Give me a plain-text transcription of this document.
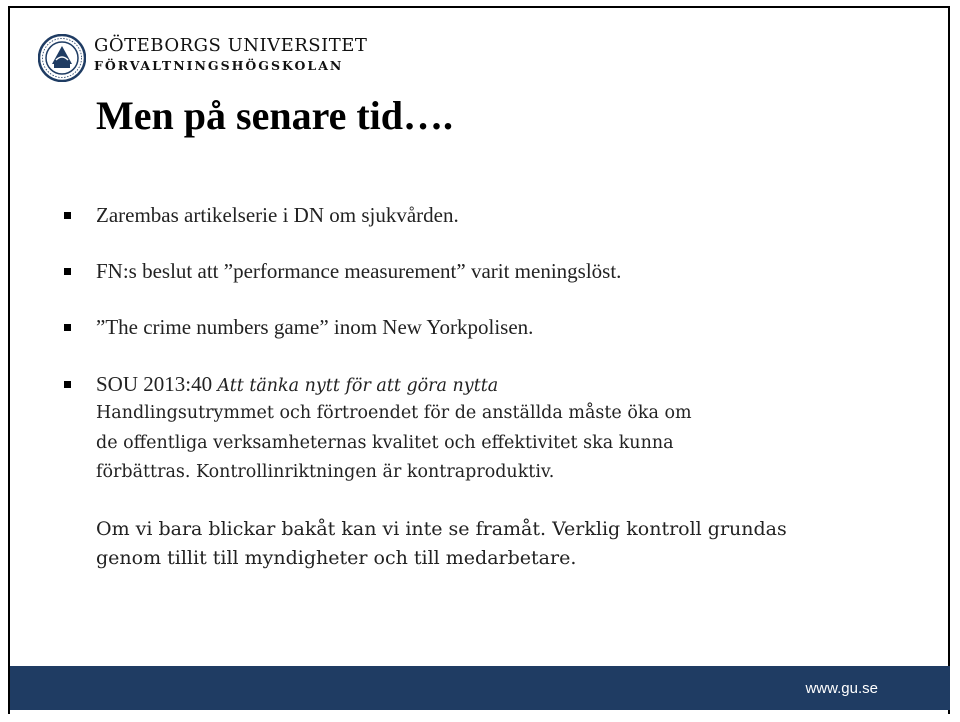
GÖTEBORGS UNIVERSITET
FÖRVALTNINGSHÖGSKOLAN
Men på senare tid….
Zarembas artikelserie i DN om sjukvården.
FN:s beslut att ”performance measurement” varit meningslöst.
”The crime numbers game” inom New Yorkpolisen.
SOU 2013:40 Att tänka nytt för att göra nytta
Handlingsutrymmet och förtroendet för de anställda måste öka om
de offentliga verksamheternas kvalitet och effektivitet ska kunna
förbättras. Kontrollinriktningen är kontraproduktiv.
Om vi bara blickar bakåt kan vi inte se framåt. Verklig kontroll grundas
genom tillit till myndigheter och till medarbetare.
www.gu.se
